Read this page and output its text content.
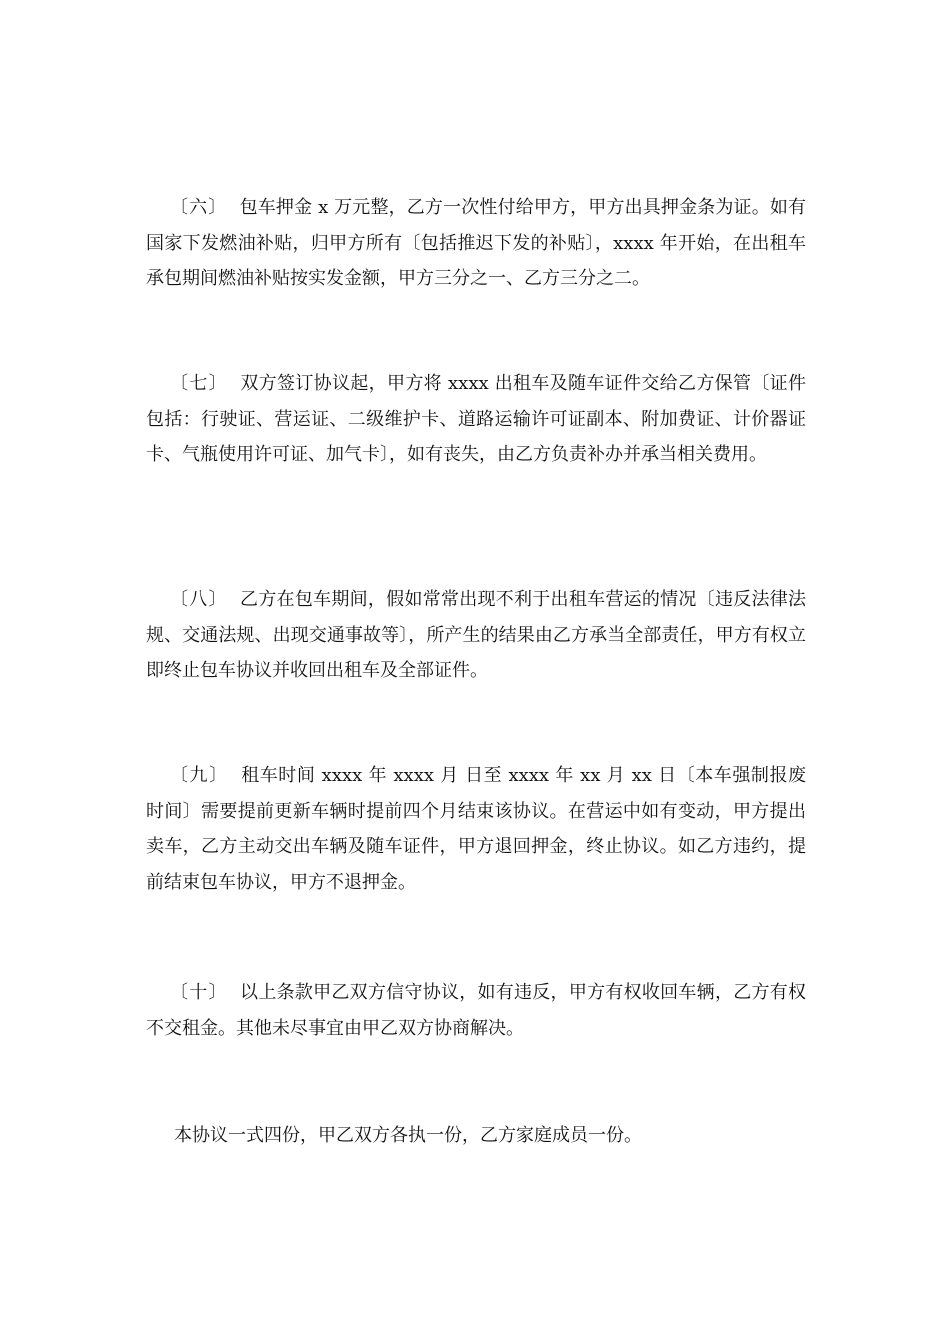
〔六〕 包车押金 x 万元整，乙方一次性付给甲方，甲方出具押金条为证。如有国家下发燃油补贴，归甲方所有〔包括推迟下发的补贴〕，xxxx 年开始，在出租车承包期间燃油补贴按实发金额，甲方三分之一、乙方三分之二。

〔七〕 双方签订协议起，甲方将 xxxx 出租车及随车证件交给乙方保管〔证件包括：行驶证、营运证、二级维护卡、道路运输许可证副本、附加费证、计价器证卡、气瓶使用许可证、加气卡〕，如有丧失，由乙方负责补办并承当相关费用。

〔八〕 乙方在包车期间，假如常常出现不利于出租车营运的情况〔违反法律法规、交通法规、出现交通事故等〕，所产生的结果由乙方承当全部责任，甲方有权立即终止包车协议并收回出租车及全部证件。

〔九〕 租车时间 xxxx 年 xxxx 月 日至 xxxx 年 xx 月 xx 日〔本车强制报废时间〕需要提前更新车辆时提前四个月结束该协议。在营运中如有变动，甲方提出卖车，乙方主动交出车辆及随车证件，甲方退回押金，终止协议。如乙方违约，提前结束包车协议，甲方不退押金。

〔十〕 以上条款甲乙双方信守协议，如有违反，甲方有权收回车辆，乙方有权不交租金。其他未尽事宜由甲乙双方协商解决。

本协议一式四份，甲乙双方各执一份，乙方家庭成员一份。
